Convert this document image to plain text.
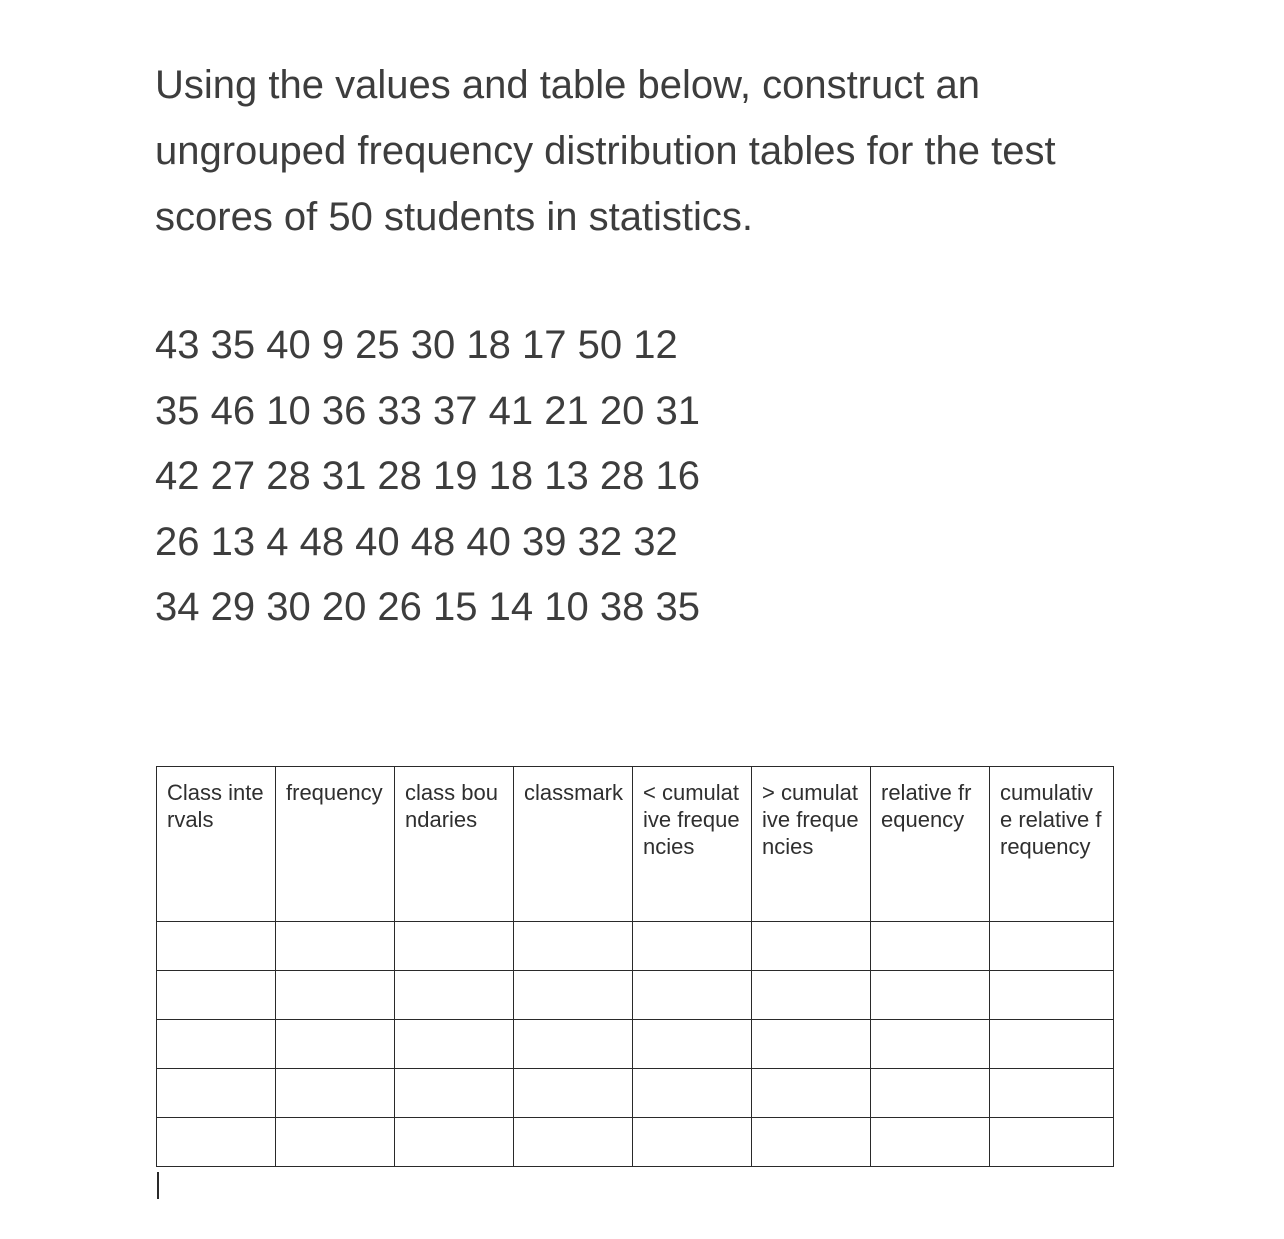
Using the values and table below, construct an ungrouped frequency distribution tables for the test scores of 50 students in statistics.

43 35 40 9 25 30 18 17 50 12
35 46 10 36 33 37 41 21 20 31
42 27 28 31 28 19 18 13 28 16
26 13 4 48 40 48 40 39 32 32
34 29 30 20 26 15 14 10 38 35
Class intervals	frequency	class boundaries	classmark	< cumulative frequencies	> cumulative frequencies	relative frequency	cumulative relative frequency
